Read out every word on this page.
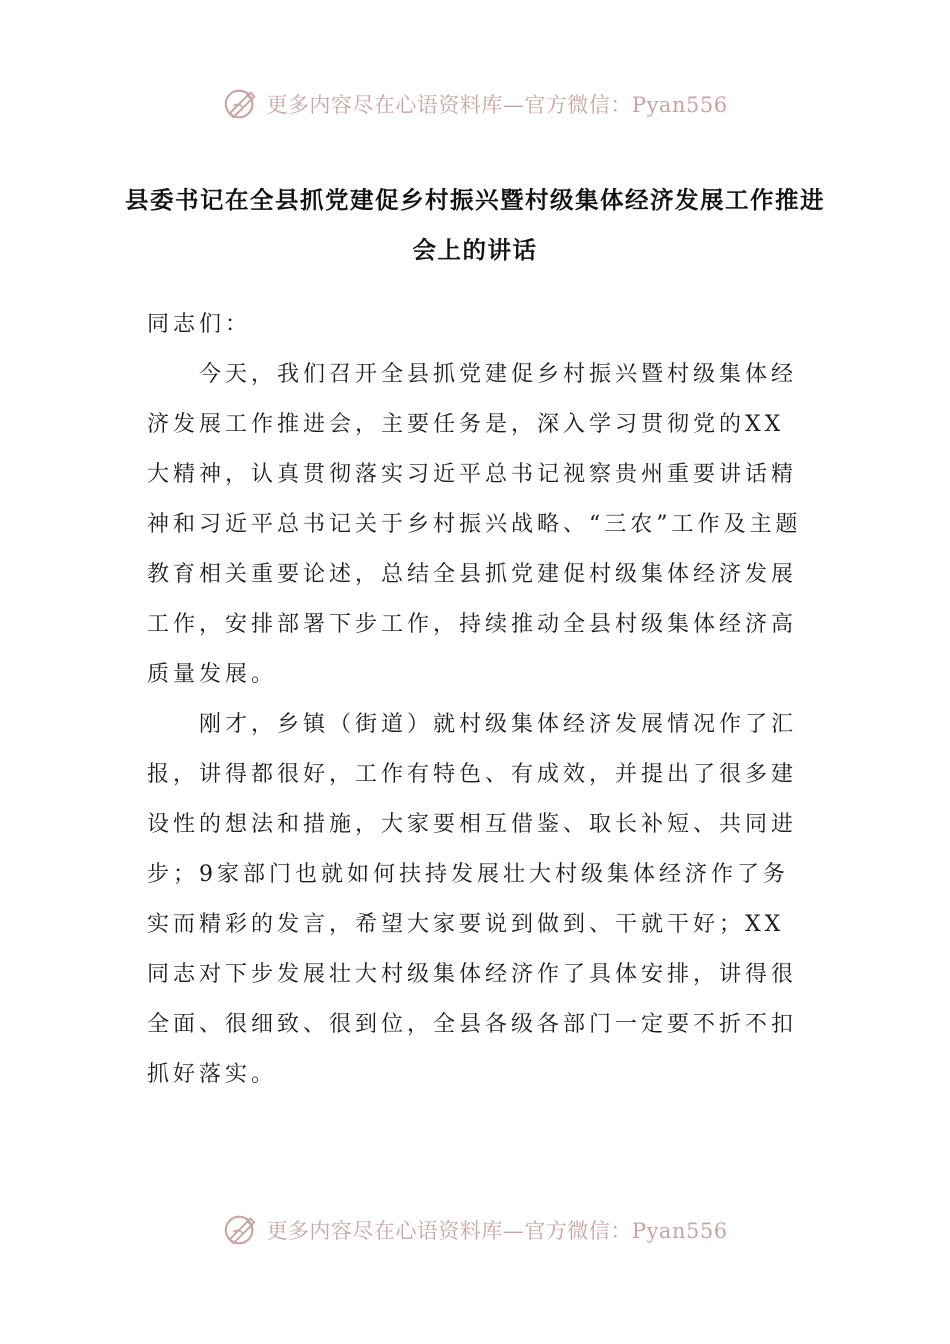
更多内容尽在心语资料库—官方微信：Pyan556
县委书记在全县抓党建促乡村振兴暨村级集体经济发展工作推进会上的讲话

同志们：

今天，我们召开全县抓党建促乡村振兴暨村级集体经济发展工作推进会，主要任务是，深入学习贯彻党的XX大精神，认真贯彻落实习近平总书记视察贵州重要讲话精神和习近平总书记关于乡村振兴战略、“三农”工作及主题教育相关重要论述，总结全县抓党建促村级集体经济发展工作，安排部署下步工作，持续推动全县村级集体经济高质量发展。

刚才，乡镇（街道）就村级集体经济发展情况作了汇报，讲得都很好，工作有特色、有成效，并提出了很多建设性的想法和措施，大家要相互借鉴、取长补短、共同进步；9家部门也就如何扶持发展壮大村级集体经济作了务实而精彩的发言，希望大家要说到做到、干就干好；XX同志对下步发展壮大村级集体经济作了具体安排，讲得很全面、很细致、很到位，全县各级各部门一定要不折不扣抓好落实。

更多内容尽在心语资料库—官方微信：Pyan556
